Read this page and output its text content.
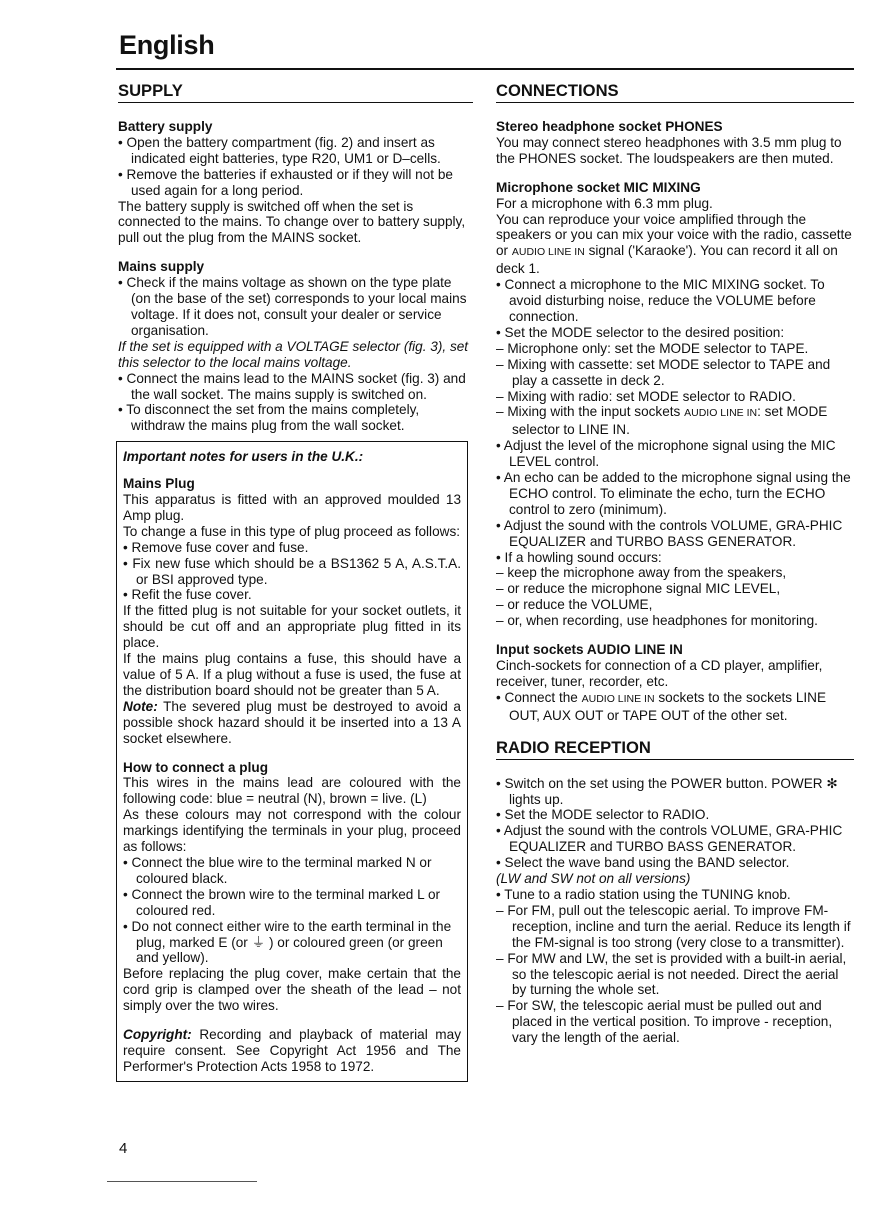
English
SUPPLY

Battery supply

• Open the battery compartment (fig. 2) and insert as indicated eight batteries, type R20, UM1 or D–cells.

• Remove the batteries if exhausted or if they will not be used again for a long period.

The battery supply is switched off when the set is connected to the mains. To change over to battery supply, pull out the plug from the MAINS socket.

Mains supply

• Check if the mains voltage as shown on the type plate (on the base of the set) corresponds to your local mains voltage. If it does not, consult your dealer or service organisation.

If the set is equipped with a VOLTAGE selector (fig. 3), set this selector to the local mains voltage.

• Connect the mains lead to the MAINS socket (fig. 3) and the wall socket. The mains supply is switched on.

• To disconnect the set from the mains completely, withdraw the mains plug from the wall socket.

Important notes for users in the U.K.:

Mains Plug

This apparatus is fitted with an approved moulded 13 Amp plug.

To change a fuse in this type of plug proceed as follows:

• Remove fuse cover and fuse.

• Fix new fuse which should be a BS1362 5 A, A.S.T.A. or BSI approved type.

• Refit the fuse cover.

If the fitted plug is not suitable for your socket outlets, it should be cut off and an appropriate plug fitted in its place.

If the mains plug contains a fuse, this should have a value of 5 A. If a plug without a fuse is used, the fuse at the distribution board should not be greater than 5 A.

Note: The severed plug must be destroyed to avoid a possible shock hazard should it be inserted into a 13 A socket elsewhere.

How to connect a plug

This wires in the mains lead are coloured with the following code: blue = neutral (N), brown = live. (L)

As these colours may not correspond with the colour markings identifying the terminals in your plug, proceed as follows:

• Connect the blue wire to the terminal marked N or coloured black.

• Connect the brown wire to the terminal marked L or coloured red.

• Do not connect either wire to the earth terminal in the plug, marked E (or ⏚ ) or coloured green (or green and yellow).

Before replacing the plug cover, make certain that the cord grip is clamped over the sheath of the lead – not simply over the two wires.

Copyright: Recording and playback of material may require consent. See Copyright Act 1956 and The Performer's Protection Acts 1958 to 1972.

CONNECTIONS

Stereo headphone socket PHONES

You may connect stereo headphones with 3.5 mm plug to the PHONES socket. The loudspeakers are then muted.

Microphone socket MIC MIXING

For a microphone with 6.3 mm plug.

You can reproduce your voice amplified through the speakers or you can mix your voice with the radio, cassette or AUDIO LINE IN signal ('Karaoke'). You can record it all on deck 1.

• Connect a microphone to the MIC MIXING socket. To avoid disturbing noise, reduce the VOLUME before connection.

• Set the MODE selector to the desired position:

– Microphone only: set the MODE selector to TAPE.

– Mixing with cassette: set MODE selector to TAPE and play a cassette in deck 2.

– Mixing with radio: set MODE selector to RADIO.

– Mixing with the input sockets AUDIO LINE IN: set MODE selector to LINE IN.

• Adjust the level of the microphone signal using the MIC LEVEL control.

• An echo can be added to the microphone signal using the ECHO control. To eliminate the echo, turn the ECHO control to zero (minimum).

• Adjust the sound with the controls VOLUME, GRA-PHIC EQUALIZER and TURBO BASS GENERATOR.

• If a howling sound occurs:

– keep the microphone away from the speakers,

– or reduce the microphone signal MIC LEVEL,

– or reduce the VOLUME,

– or, when recording, use headphones for monitoring.

Input sockets AUDIO LINE IN

Cinch-sockets for connection of a CD player, amplifier, receiver, tuner, recorder, etc.

• Connect the AUDIO LINE IN sockets to the sockets LINE OUT, AUX OUT or TAPE OUT of the other set.

RADIO RECEPTION

• Switch on the set using the POWER button. POWER ✻ lights up.

• Set the MODE selector to RADIO.

• Adjust the sound with the controls VOLUME, GRA-PHIC EQUALIZER and TURBO BASS GENERATOR.

• Select the wave band using the BAND selector.

(LW and SW not on all versions)

• Tune to a radio station using the TUNING knob.

– For FM, pull out the telescopic aerial. To improve FM-reception, incline and turn the aerial. Reduce its length if the FM-signal is too strong (very close to a transmitter).

– For MW and LW, the set is provided with a built-in aerial, so the telescopic aerial is not needed. Direct the aerial by turning the whole set.

– For SW, the telescopic aerial must be pulled out and placed in the vertical position. To improve - reception, vary the length of the aerial.

4
